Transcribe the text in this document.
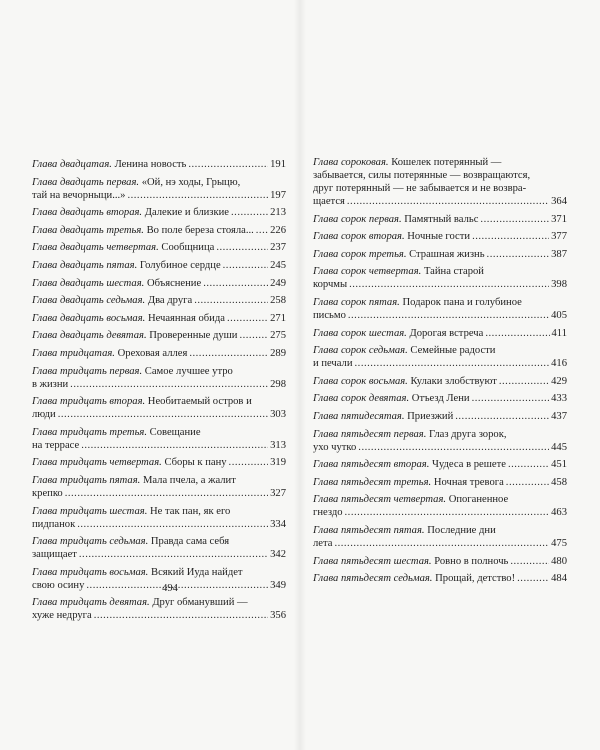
Глава двадцатая. Ленина новость .....	191
Глава двадцать первая. «Ой, нэ ходы, Грыцю,
тай на вечорныци...» .....	197
Глава двадцать вторая. Далекие и близкие .....	213
Глава двадцать третья. Во поле береза стояла... ..... 226
Глава двадцать четвертая. Сообщница .....	237
Глава двадцать пятая. Голубиное сердце .....	245
Глава двадцать шестая. Объяснение .....	249
Глава двадцать седьмая. Два друга .....	258
Глава двадцать восьмая. Нечаянная обида .....	271
Глава двадцать девятая. Проверенные души .....	275
Глава тридцатая. Ореховая аллея .....	289
Глава тридцать первая. Самое лучшее утро
в жизни .....	298
Глава тридцать вторая. Необитаемый остров и
люди .....	303
Глава тридцать третья. Совещание
на террасе .....	313
Глава тридцать четвертая. Сборы к пану .....	319
Глава тридцать пятая. Мала пчела, а жалит
крепко .....	327
Глава тридцать шестая. Не так пан, як его
пидпанок .....	334
Глава тридцать седьмая. Правда сама себя
защищает .....	342
Глава тридцать восьмая. Всякий Иуда найдет
свою осину .....	349
Глава тридцать девятая. Друг обманувший —
хуже недруга .....	356
Глава сороковая. Кошелек потерянный —
забывается, силы потерянные — возвращаются,
друг потерянный — не забывается и не возвра-
щается .....	364
Глава сорок первая. Памятный вальс .....	371
Глава сорок вторая. Ночные гости .....	377
Глава сорок третья. Страшная жизнь .....	387
Глава сорок четвертая. Тайна старой
корчмы .....	398
Глава сорок пятая. Подарок пана и голубиное
письмо .....	405
Глава сорок шестая. Дорогая встреча .....	411
Глава сорок седьмая. Семейные радости
и печали .....	416
Глава сорок восьмая. Кулаки злобствуют .....	429
Глава сорок девятая. Отъезд Лени .....	433
Глава пятидесятая. Приезжий .....	437
Глава пятьдесят первая. Глаз друга зорок,
ухо чутко .....	445
Глава пятьдесят вторая. Чудеса в решете .....	451
Глава пятьдесят третья. Ночная тревога .....	458
Глава пятьдесят четвертая. Опоганенное
гнездо .....	463
Глава пятьдесят пятая. Последние дни
лета .....	475
Глава пятьдесят шестая. Ровно в полночь .....	480
Глава пятьдесят седьмая. Прощай, детство! .....	484
494
